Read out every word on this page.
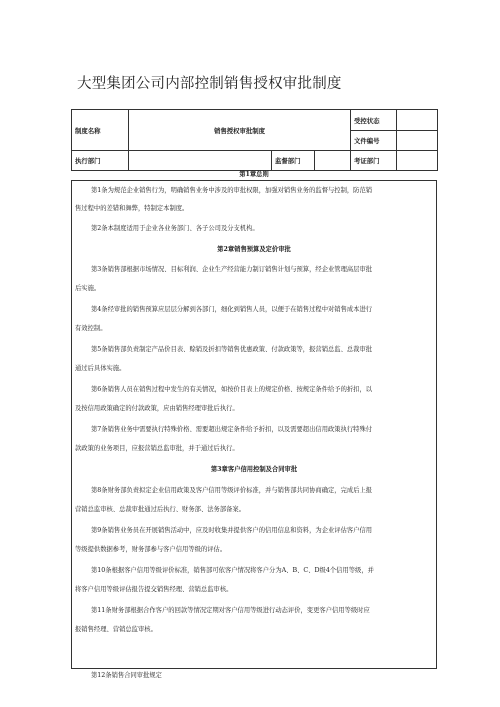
大型集团公司内部控制销售授权审批制度
制度名称	销售授权审批制度			受控状态	
				文件编号	
执行部门		监督部门		考证部门	
第1章总则

第1条为规范企业销售行为，明确销售业务中涉及的审批权限，加强对销售业务的监督与控制，防范销

售过程中的差错和舞弊，特制定本制度。

第2条本制度适用于企业各业务部门、各子公司及分支机构。

第2章销售预算及定价审批

第3条销售部根据市场情况、目标利润、企业生产经营能力制订销售计划与预算，经企业管理高层审批

后实施。

第4条经审批的销售预算应层层分解到各部门，细化到销售人员，以便于在销售过程中对销售成本进行

有效控制。

第5条销售部负责制定产品价目表、赊销及折扣等销售优惠政策、付款政策等，报营销总监、总裁审批

通过后具体实施。

第6条销售人员在销售过程中发生的有关情况，如按价目表上的规定价格、按规定条件给予的折扣，以

及按信用政策确定的付款政策，应由销售经理审批后执行。

第7条销售业务中需要执行特殊价格、需要超出规定条件给予折扣，以及需要超出信用政策执行特殊付

款政策的业务项目，应报营销总监审批，并于通过后执行。

第3章客户信用控制及合同审批

第8条财务部负责拟定企业信用政策及客户信用等级评价标准，并与销售部共同协商确定，完成后上报

营销总监审核、总裁审批通过后执行、财务部、法务部备案。

第9条销售业务员在开展销售活动中，应及时收集并提供客户的信用信息和资料，为企业评估客户信用

等级提供数据参考，财务部参与客户信用等级的评估。

第10条根据客户信用等级评价标准，销售部可依客户情况将客户分为A、B、C、D级4个信用等级，并

将客户信用等级评估报告提交销售经理、营销总监审核。

第11条财务部根据合作客户的回款等情况定期对客户信用等级进行动态评价，变更客户信用等级时应

报销售经理、营销总监审核。

第12条销售合同审批规定
